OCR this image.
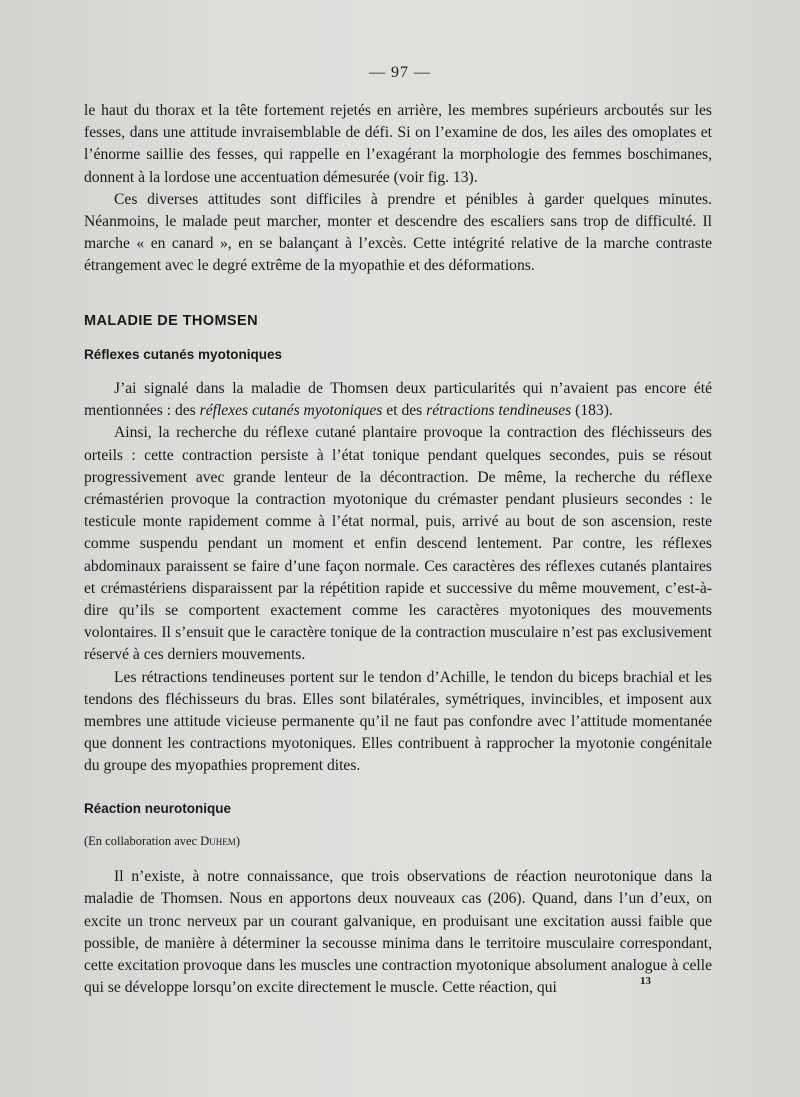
— 97 —

le haut du thorax et la tête fortement rejetés en arrière, les membres supérieurs arcboutés sur les fesses, dans une attitude invraisemblable de défi. Si on l’examine de dos, les ailes des omoplates et l’énorme saillie des fesses, qui rappelle en l’exagérant la morphologie des femmes boschimanes, donnent à la lordose une accentuation démesurée (voir fig. 13).

Ces diverses attitudes sont difficiles à prendre et pénibles à garder quelques minutes. Néanmoins, le malade peut marcher, monter et descendre des escaliers sans trop de difficulté. Il marche « en canard », en se balançant à l’excès. Cette intégrité relative de la marche contraste étrangement avec le degré extrême de la myopathie et des déformations.

MALADIE DE THOMSEN

Réflexes cutanés myotoniques

J’ai signalé dans la maladie de Thomsen deux particularités qui n’avaient pas encore été mentionnées : des réflexes cutanés myotoniques et des rétractions tendineuses (183).

Ainsi, la recherche du réflexe cutané plantaire provoque la contraction des fléchisseurs des orteils : cette contraction persiste à l’état tonique pendant quelques secondes, puis se résout progressivement avec grande lenteur de la décontraction. De même, la recherche du réflexe crémastérien provoque la contraction myotonique du crémaster pendant plusieurs secondes : le testicule monte rapidement comme à l’état normal, puis, arrivé au bout de son ascension, reste comme suspendu pendant un moment et enfin descend lentement. Par contre, les réflexes abdominaux paraissent se faire d’une façon normale. Ces caractères des réflexes cutanés plantaires et crémastériens disparaissent par la répétition rapide et successive du même mouvement, c’est-à-dire qu’ils se comportent exactement comme les caractères myotoniques des mouvements volontaires. Il s’ensuit que le caractère tonique de la contraction musculaire n’est pas exclusivement réservé à ces derniers mouvements.

Les rétractions tendineuses portent sur le tendon d’Achille, le tendon du biceps brachial et les tendons des fléchisseurs du bras. Elles sont bilatérales, symétriques, invincibles, et imposent aux membres une attitude vicieuse permanente qu’il ne faut pas confondre avec l’attitude momentanée que donnent les contractions myotoniques. Elles contribuent à rapprocher la myotonie congénitale du groupe des myopathies proprement dites.

Réaction neurotonique

(En collaboration avec Duhem)

Il n’existe, à notre connaissance, que trois observations de réaction neurotonique dans la maladie de Thomsen. Nous en apportons deux nouveaux cas (206). Quand, dans l’un d’eux, on excite un tronc nerveux par un courant galvanique, en produisant une excitation aussi faible que possible, de manière à déterminer la secousse minima dans le territoire musculaire correspondant, cette excitation provoque dans les muscles une contraction myotonique absolument analogue à celle qui se développe lorsqu’on excite directement le muscle. Cette réaction, qui	13
